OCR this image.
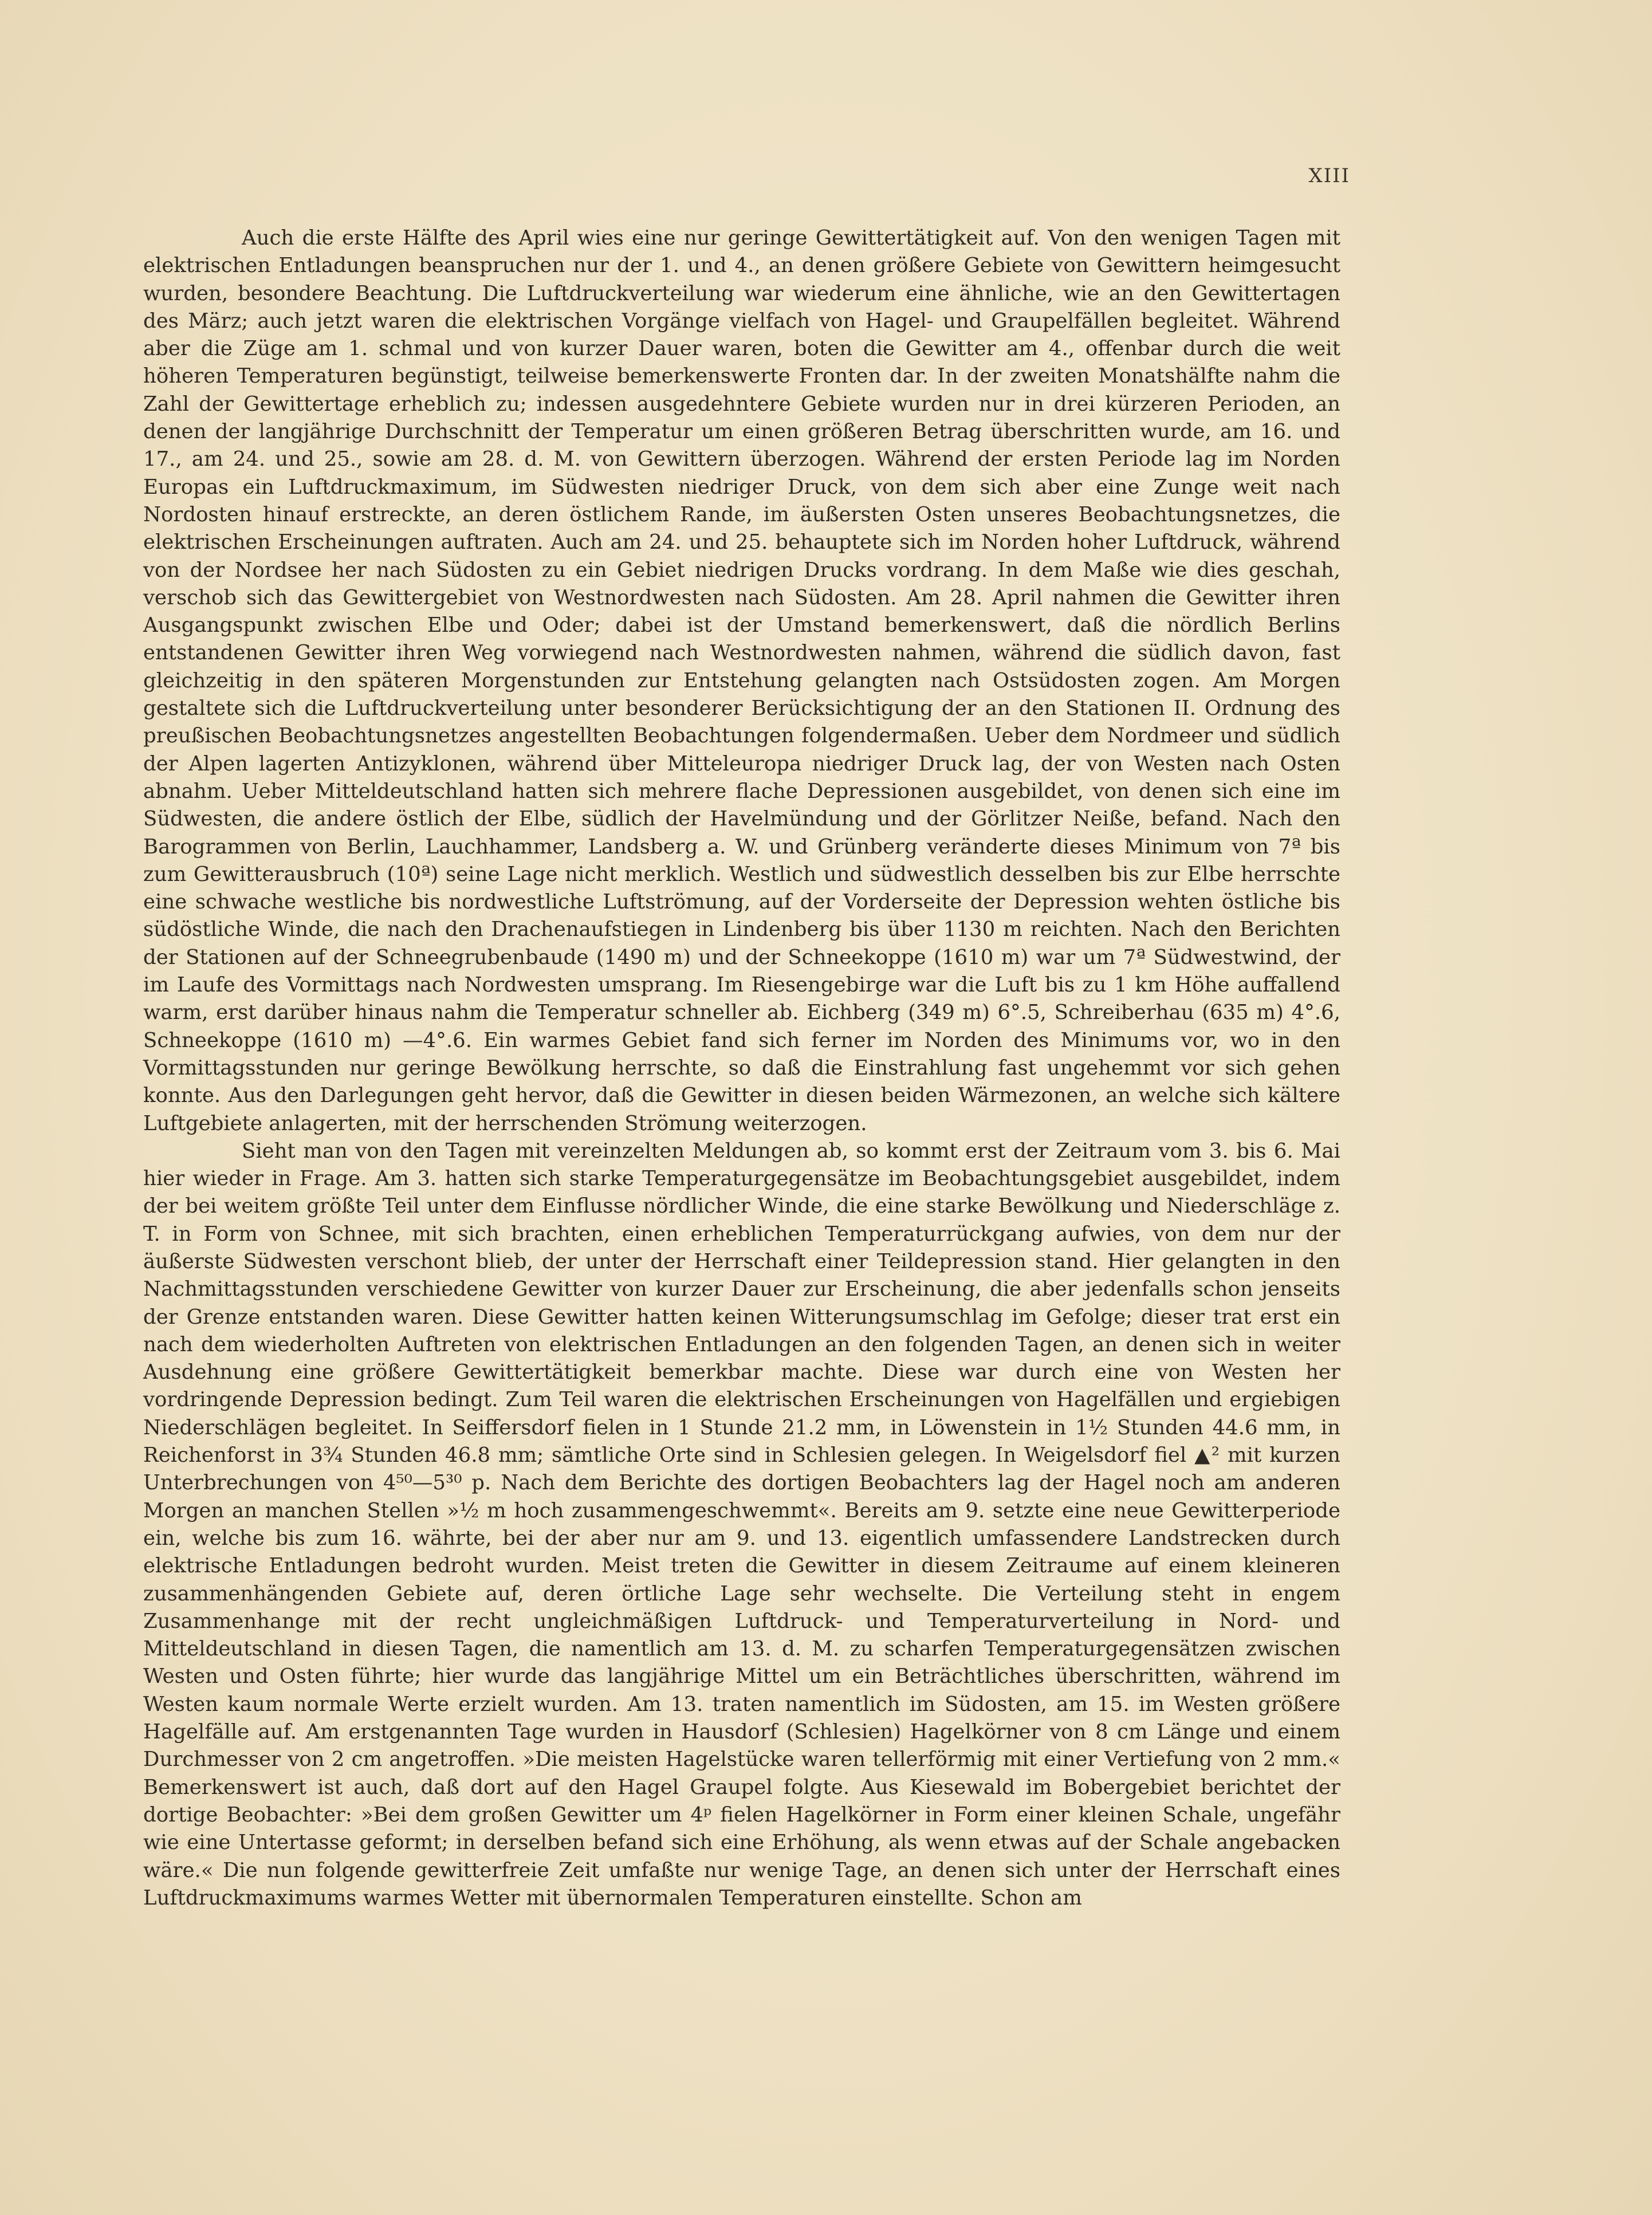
XIII

Auch die erste Hälfte des April wies eine nur geringe Gewittertätigkeit auf. Von den wenigen Tagen mit elektrischen Entladungen beanspruchen nur der 1. und 4., an denen größere Gebiete von Gewittern heimgesucht wurden, besondere Beachtung. Die Luftdruckverteilung war wiederum eine ähnliche, wie an den Gewittertagen des März; auch jetzt waren die elektrischen Vorgänge vielfach von Hagel- und Graupelfällen begleitet. Während aber die Züge am 1. schmal und von kurzer Dauer waren, boten die Gewitter am 4., offenbar durch die weit höheren Temperaturen begünstigt, teilweise bemerkenswerte Fronten dar. In der zweiten Monatshälfte nahm die Zahl der Gewittertage erheblich zu; indessen ausgedehntere Gebiete wurden nur in drei kürzeren Perioden, an denen der langjährige Durchschnitt der Temperatur um einen größeren Betrag überschritten wurde, am 16. und 17., am 24. und 25., sowie am 28. d. M. von Gewittern überzogen. Während der ersten Periode lag im Norden Europas ein Luftdruckmaximum, im Südwesten niedriger Druck, von dem sich aber eine Zunge weit nach Nordosten hinauf erstreckte, an deren östlichem Rande, im äußersten Osten unseres Beobachtungsnetzes, die elektrischen Erscheinungen auftraten. Auch am 24. und 25. behauptete sich im Norden hoher Luftdruck, während von der Nordsee her nach Südosten zu ein Gebiet niedrigen Drucks vordrang. In dem Maße wie dies geschah, verschob sich das Gewittergebiet von Westnordwesten nach Südosten. Am 28. April nahmen die Gewitter ihren Ausgangspunkt zwischen Elbe und Oder; dabei ist der Umstand bemerkenswert, daß die nördlich Berlins entstandenen Gewitter ihren Weg vorwiegend nach Westnordwesten nahmen, während die südlich davon, fast gleichzeitig in den späteren Morgenstunden zur Entstehung gelangten nach Ostsüdosten zogen. Am Morgen gestaltete sich die Luftdruckverteilung unter besonderer Berücksichtigung der an den Stationen II. Ordnung des preußischen Beobachtungsnetzes angestellten Beobachtungen folgendermaßen. Ueber dem Nordmeer und südlich der Alpen lagerten Antizyklonen, während über Mitteleuropa niedriger Druck lag, der von Westen nach Osten abnahm. Ueber Mitteldeutschland hatten sich mehrere flache Depressionen ausgebildet, von denen sich eine im Südwesten, die andere östlich der Elbe, südlich der Havelmündung und der Görlitzer Neiße, befand. Nach den Barogrammen von Berlin, Lauchhammer, Landsberg a. W. und Grünberg veränderte dieses Minimum von 7ª bis zum Gewitterausbruch (10ª) seine Lage nicht merklich. Westlich und südwestlich desselben bis zur Elbe herrschte eine schwache westliche bis nordwestliche Luftströmung, auf der Vorderseite der Depression wehten östliche bis südöstliche Winde, die nach den Drachenaufstiegen in Lindenberg bis über 1130 m reichten. Nach den Berichten der Stationen auf der Schneegrubenbaude (1490 m) und der Schneekoppe (1610 m) war um 7ª Südwestwind, der im Laufe des Vormittags nach Nordwesten umsprang. Im Riesengebirge war die Luft bis zu 1 km Höhe auffallend warm, erst darüber hinaus nahm die Temperatur schneller ab. Eichberg (349 m) 6°.5, Schreiberhau (635 m) 4°.6, Schneekoppe (1610 m) —4°.6. Ein warmes Gebiet fand sich ferner im Norden des Minimums vor, wo in den Vormittagsstunden nur geringe Bewölkung herrschte, so daß die Einstrahlung fast ungehemmt vor sich gehen konnte. Aus den Darlegungen geht hervor, daß die Gewitter in diesen beiden Wärmezonen, an welche sich kältere Luftgebiete anlagerten, mit der herrschenden Strömung weiterzogen.

Sieht man von den Tagen mit vereinzelten Meldungen ab, so kommt erst der Zeitraum vom 3. bis 6. Mai hier wieder in Frage. Am 3. hatten sich starke Temperaturgegensätze im Beobachtungsgebiet ausgebildet, indem der bei weitem größte Teil unter dem Einflusse nördlicher Winde, die eine starke Bewölkung und Niederschläge z. T. in Form von Schnee, mit sich brachten, einen erheblichen Temperaturrückgang aufwies, von dem nur der äußerste Südwesten verschont blieb, der unter der Herrschaft einer Teildepression stand. Hier gelangten in den Nachmittagsstunden verschiedene Gewitter von kurzer Dauer zur Erscheinung, die aber jedenfalls schon jenseits der Grenze entstanden waren. Diese Gewitter hatten keinen Witterungsumschlag im Gefolge; dieser trat erst ein nach dem wiederholten Auftreten von elektrischen Entladungen an den folgenden Tagen, an denen sich in weiter Ausdehnung eine größere Gewittertätigkeit bemerkbar machte. Diese war durch eine von Westen her vordringende Depression bedingt. Zum Teil waren die elektrischen Erscheinungen von Hagelfällen und ergiebigen Niederschlägen begleitet. In Seiffersdorf fielen in 1 Stunde 21.2 mm, in Löwenstein in 1½ Stunden 44.6 mm, in Reichenforst in 3¾ Stunden 46.8 mm; sämtliche Orte sind in Schlesien gelegen. In Weigelsdorf fiel ▲² mit kurzen Unterbrechungen von 4⁵⁰—5³⁰ p. Nach dem Berichte des dortigen Beobachters lag der Hagel noch am anderen Morgen an manchen Stellen »½ m hoch zusammengeschwemmt«. Bereits am 9. setzte eine neue Gewitterperiode ein, welche bis zum 16. währte, bei der aber nur am 9. und 13. eigentlich umfassendere Landstrecken durch elektrische Entladungen bedroht wurden. Meist treten die Gewitter in diesem Zeitraume auf einem kleineren zusammenhängenden Gebiete auf, deren örtliche Lage sehr wechselte. Die Verteilung steht in engem Zusammenhange mit der recht ungleichmäßigen Luftdruck- und Temperaturverteilung in Nord- und Mitteldeutschland in diesen Tagen, die namentlich am 13. d. M. zu scharfen Temperaturgegensätzen zwischen Westen und Osten führte; hier wurde das langjährige Mittel um ein Beträchtliches überschritten, während im Westen kaum normale Werte erzielt wurden. Am 13. traten namentlich im Südosten, am 15. im Westen größere Hagelfälle auf. Am erstgenannten Tage wurden in Hausdorf (Schlesien) Hagelkörner von 8 cm Länge und einem Durchmesser von 2 cm angetroffen. »Die meisten Hagelstücke waren tellerförmig mit einer Vertiefung von 2 mm.« Bemerkenswert ist auch, daß dort auf den Hagel Graupel folgte. Aus Kiesewald im Bobergebiet berichtet der dortige Beobachter: »Bei dem großen Gewitter um 4ᵖ fielen Hagelkörner in Form einer kleinen Schale, ungefähr wie eine Untertasse geformt; in derselben befand sich eine Erhöhung, als wenn etwas auf der Schale angebacken wäre.« Die nun folgende gewitterfreie Zeit umfaßte nur wenige Tage, an denen sich unter der Herrschaft eines Luftdruckmaximums warmes Wetter mit übernormalen Temperaturen einstellte. Schon am
